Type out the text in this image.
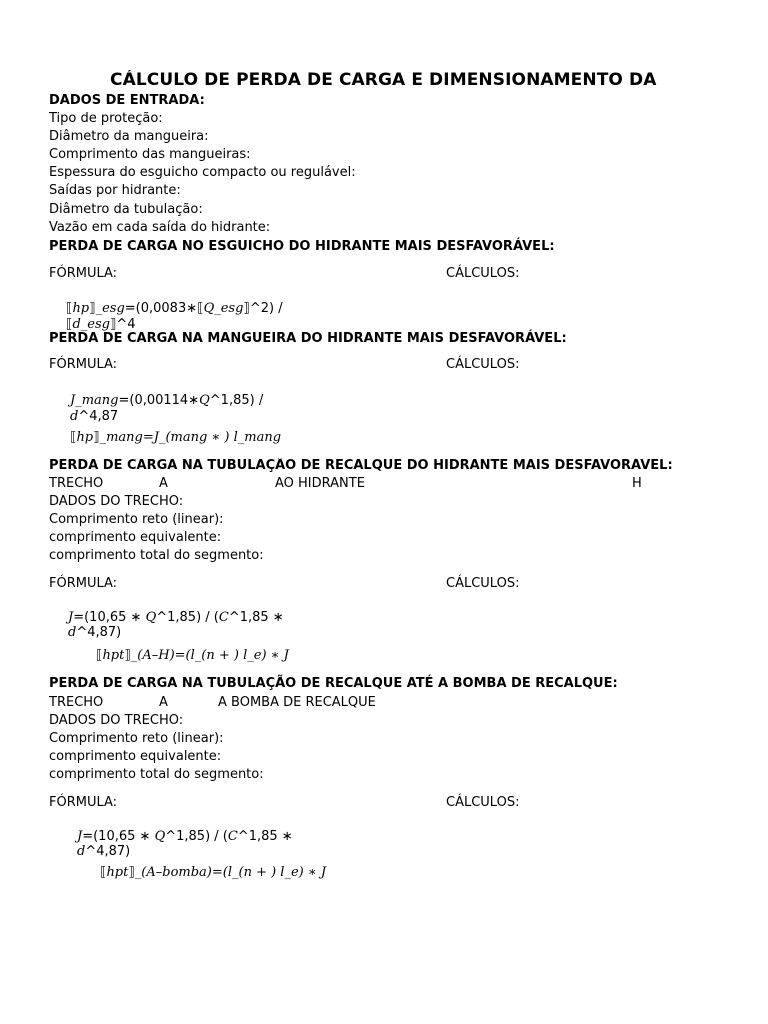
CÁLCULO DE PERDA DE CARGA E DIMENSIONAMENTO DA
DADOS DE ENTRADA:
Tipo de proteção:
Diâmetro da mangueira:
Comprimento das mangueiras:
Espessura do esguicho compacto ou regulável:
Saídas por hidrante:
Diâmetro da tubulação:
Vazão em cada saída do hidrante:
PERDA DE CARGA NO ESGUICHO DO HIDRANTE MAIS DESFAVORÁVEL:
FÓRMULA:	CÁLCULOS:
⟦hp⟧_esg=(0,0083∗⟦Q_esg⟧^2) /
⟦d_esg⟧^4
PERDA DE CARGA NA MANGUEIRA DO HIDRANTE MAIS DESFAVORÁVEL:
FÓRMULA:	CÁLCULOS:
J_mang=(0,00114∗Q^1,85) /
d^4,87
⟦hp⟧_mang=J_(mang ∗ ) l_mang
PERDA DE CARGA NA TUBULAÇÃO DE RECALQUE DO HIDRANTE MAIS DESFAVORÁVEL:
TRECHO	A	AO HIDRANTE	H
DADOS DO TRECHO:
Comprimento reto (linear):
comprimento equivalente:
comprimento total do segmento:
FÓRMULA:	CÁLCULOS:
J=(10,65 ∗ Q^1,85) / (C^1,85 ∗
d^4,87)
⟦hpt⟧_(A–H)=(l_(n + ) l_e) ∗ J
PERDA DE CARGA NA TUBULAÇÃO DE RECALQUE ATÉ A BOMBA DE RECALQUE:
TRECHO	A	A BOMBA DE RECALQUE
DADOS DO TRECHO:
Comprimento reto (linear):
comprimento equivalente:
comprimento total do segmento:
FÓRMULA:	CÁLCULOS:
J=(10,65 ∗ Q^1,85) / (C^1,85 ∗
d^4,87)
⟦hpt⟧_(A–bomba)=(l_(n + ) l_e) ∗ J
